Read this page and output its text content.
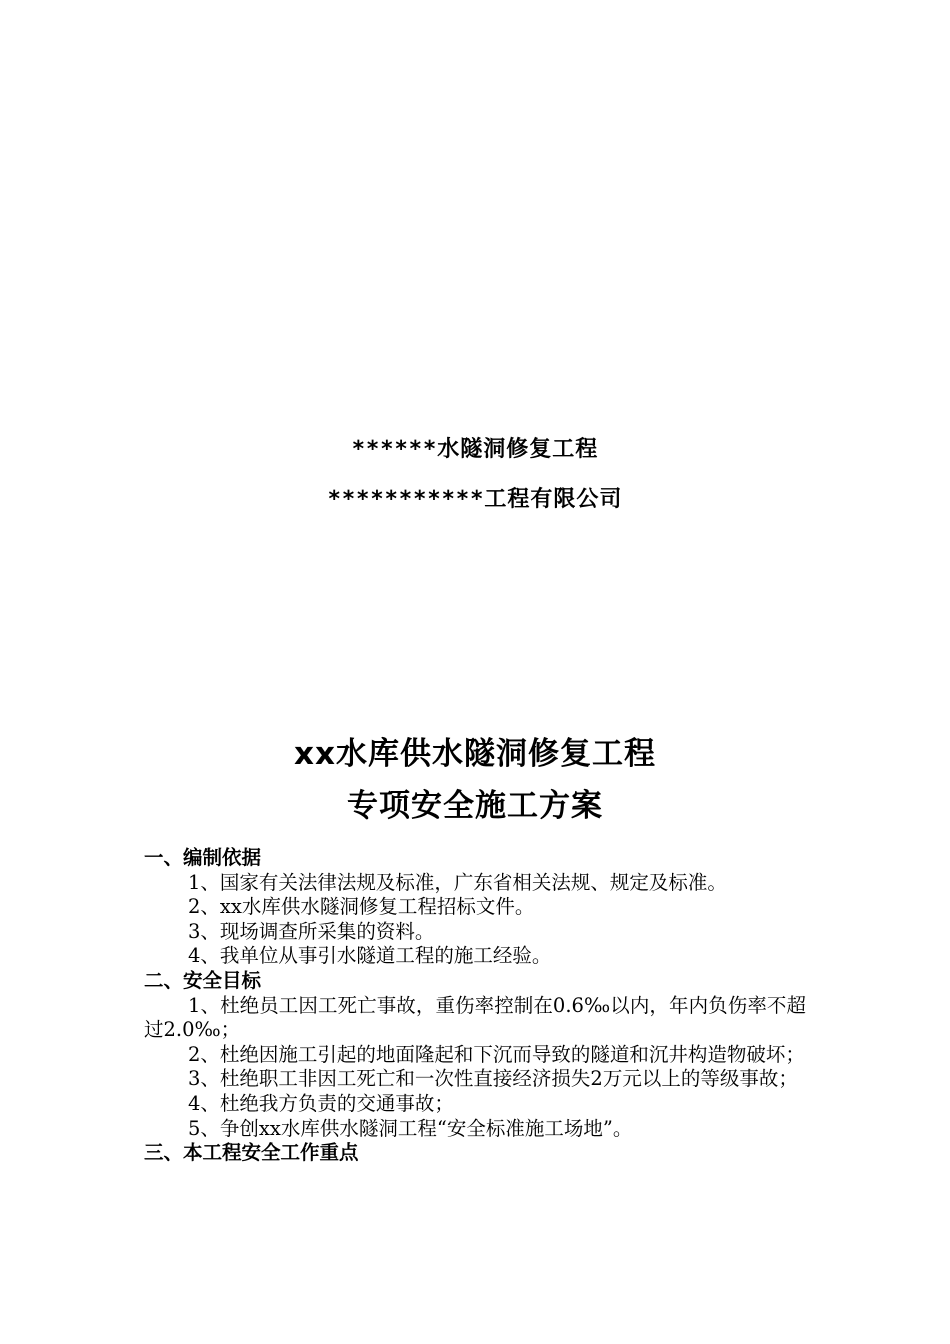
******水隧洞修复工程
***********工程有限公司
xx水库供水隧洞修复工程
专项安全施工方案
一、编制依据
1、国家有关法律法规及标准，广东省相关法规、规定及标准。
2、xx水库供水隧洞修复工程招标文件。
3、现场调查所采集的资料。
4、我单位从事引水隧道工程的施工经验。
二、安全目标
1、杜绝员工因工死亡事故，重伤率控制在0.6‰以内，年内负伤率不超过2.0‰；
2、杜绝因施工引起的地面隆起和下沉而导致的隧道和沉井构造物破坏；
3、杜绝职工非因工死亡和一次性直接经济损失2万元以上的等级事故；
4、杜绝我方负责的交通事故；
5、争创xx水库供水隧洞工程“安全标准施工场地”。
三、本工程安全工作重点
